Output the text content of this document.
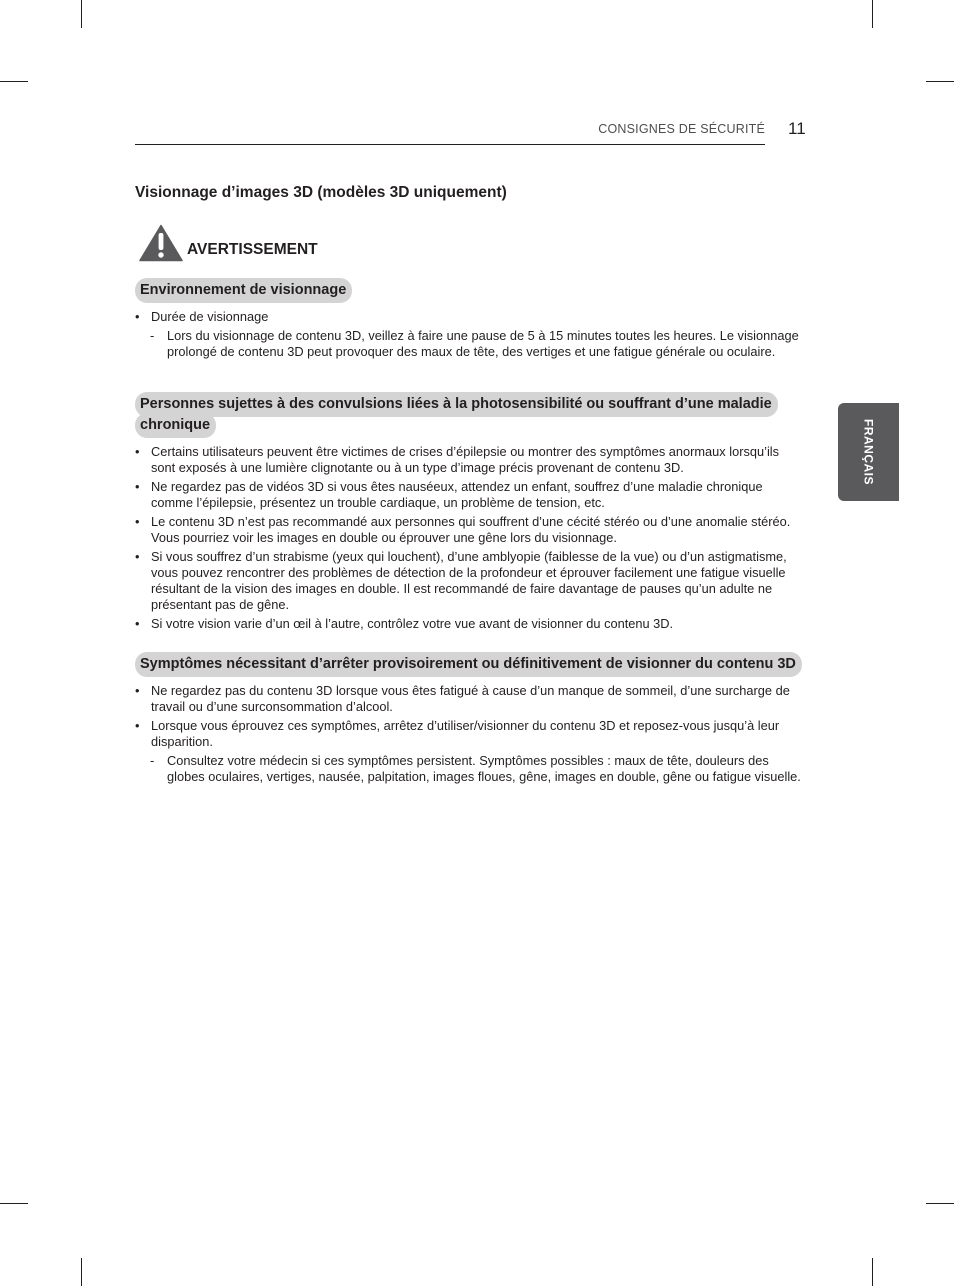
CONSIGNES DE SÉCURITÉ 11
FRANÇAIS
Visionnage d’images 3D (modèles 3D uniquement)
AVERTISSEMENT
Environnement de visionnage
• Durée de visionnage
- Lors du visionnage de contenu 3D, veillez à faire une pause de 5 à 15 minutes toutes les heures. Le visionnage prolongé de contenu 3D peut provoquer des maux de tête, des vertiges et une fatigue générale ou oculaire.
Personnes sujettes à des convulsions liées à la photosensibilité ou souffrant d’une maladie
chronique
• Certains utilisateurs peuvent être victimes de crises d’épilepsie ou montrer des symptômes anormaux lorsqu’ils sont exposés à une lumière clignotante ou à un type d’image précis provenant de contenu 3D.
• Ne regardez pas de vidéos 3D si vous êtes nauséeux, attendez un enfant, souffrez d’une maladie chronique comme l’épilepsie, présentez un trouble cardiaque, un problème de tension, etc.
• Le contenu 3D n’est pas recommandé aux personnes qui souffrent d’une cécité stéréo ou d’une anomalie stéréo. Vous pourriez voir les images en double ou éprouver une gêne lors du visionnage.
• Si vous souffrez d’un strabisme (yeux qui louchent), d’une amblyopie (faiblesse de la vue) ou d’un astigmatisme, vous pouvez rencontrer des problèmes de détection de la profondeur et éprouver facilement une fatigue visuelle résultant de la vision des images en double. Il est recommandé de faire davantage de pauses qu’un adulte ne présentant pas de gêne.
• Si votre vision varie d’un œil à l’autre, contrôlez votre vue avant de visionner du contenu 3D.
Symptômes nécessitant d’arrêter provisoirement ou définitivement de visionner du contenu 3D
• Ne regardez pas du contenu 3D lorsque vous êtes fatigué à cause d’un manque de sommeil, d’une surcharge de travail ou d’une surconsommation d’alcool.
• Lorsque vous éprouvez ces symptômes, arrêtez d’utiliser/visionner du contenu 3D et reposez-vous jusqu’à leur disparition.
- Consultez votre médecin si ces symptômes persistent. Symptômes possibles : maux de tête, douleurs des globes oculaires, vertiges, nausée, palpitation, images floues, gêne, images en double, gêne ou fatigue visuelle.
